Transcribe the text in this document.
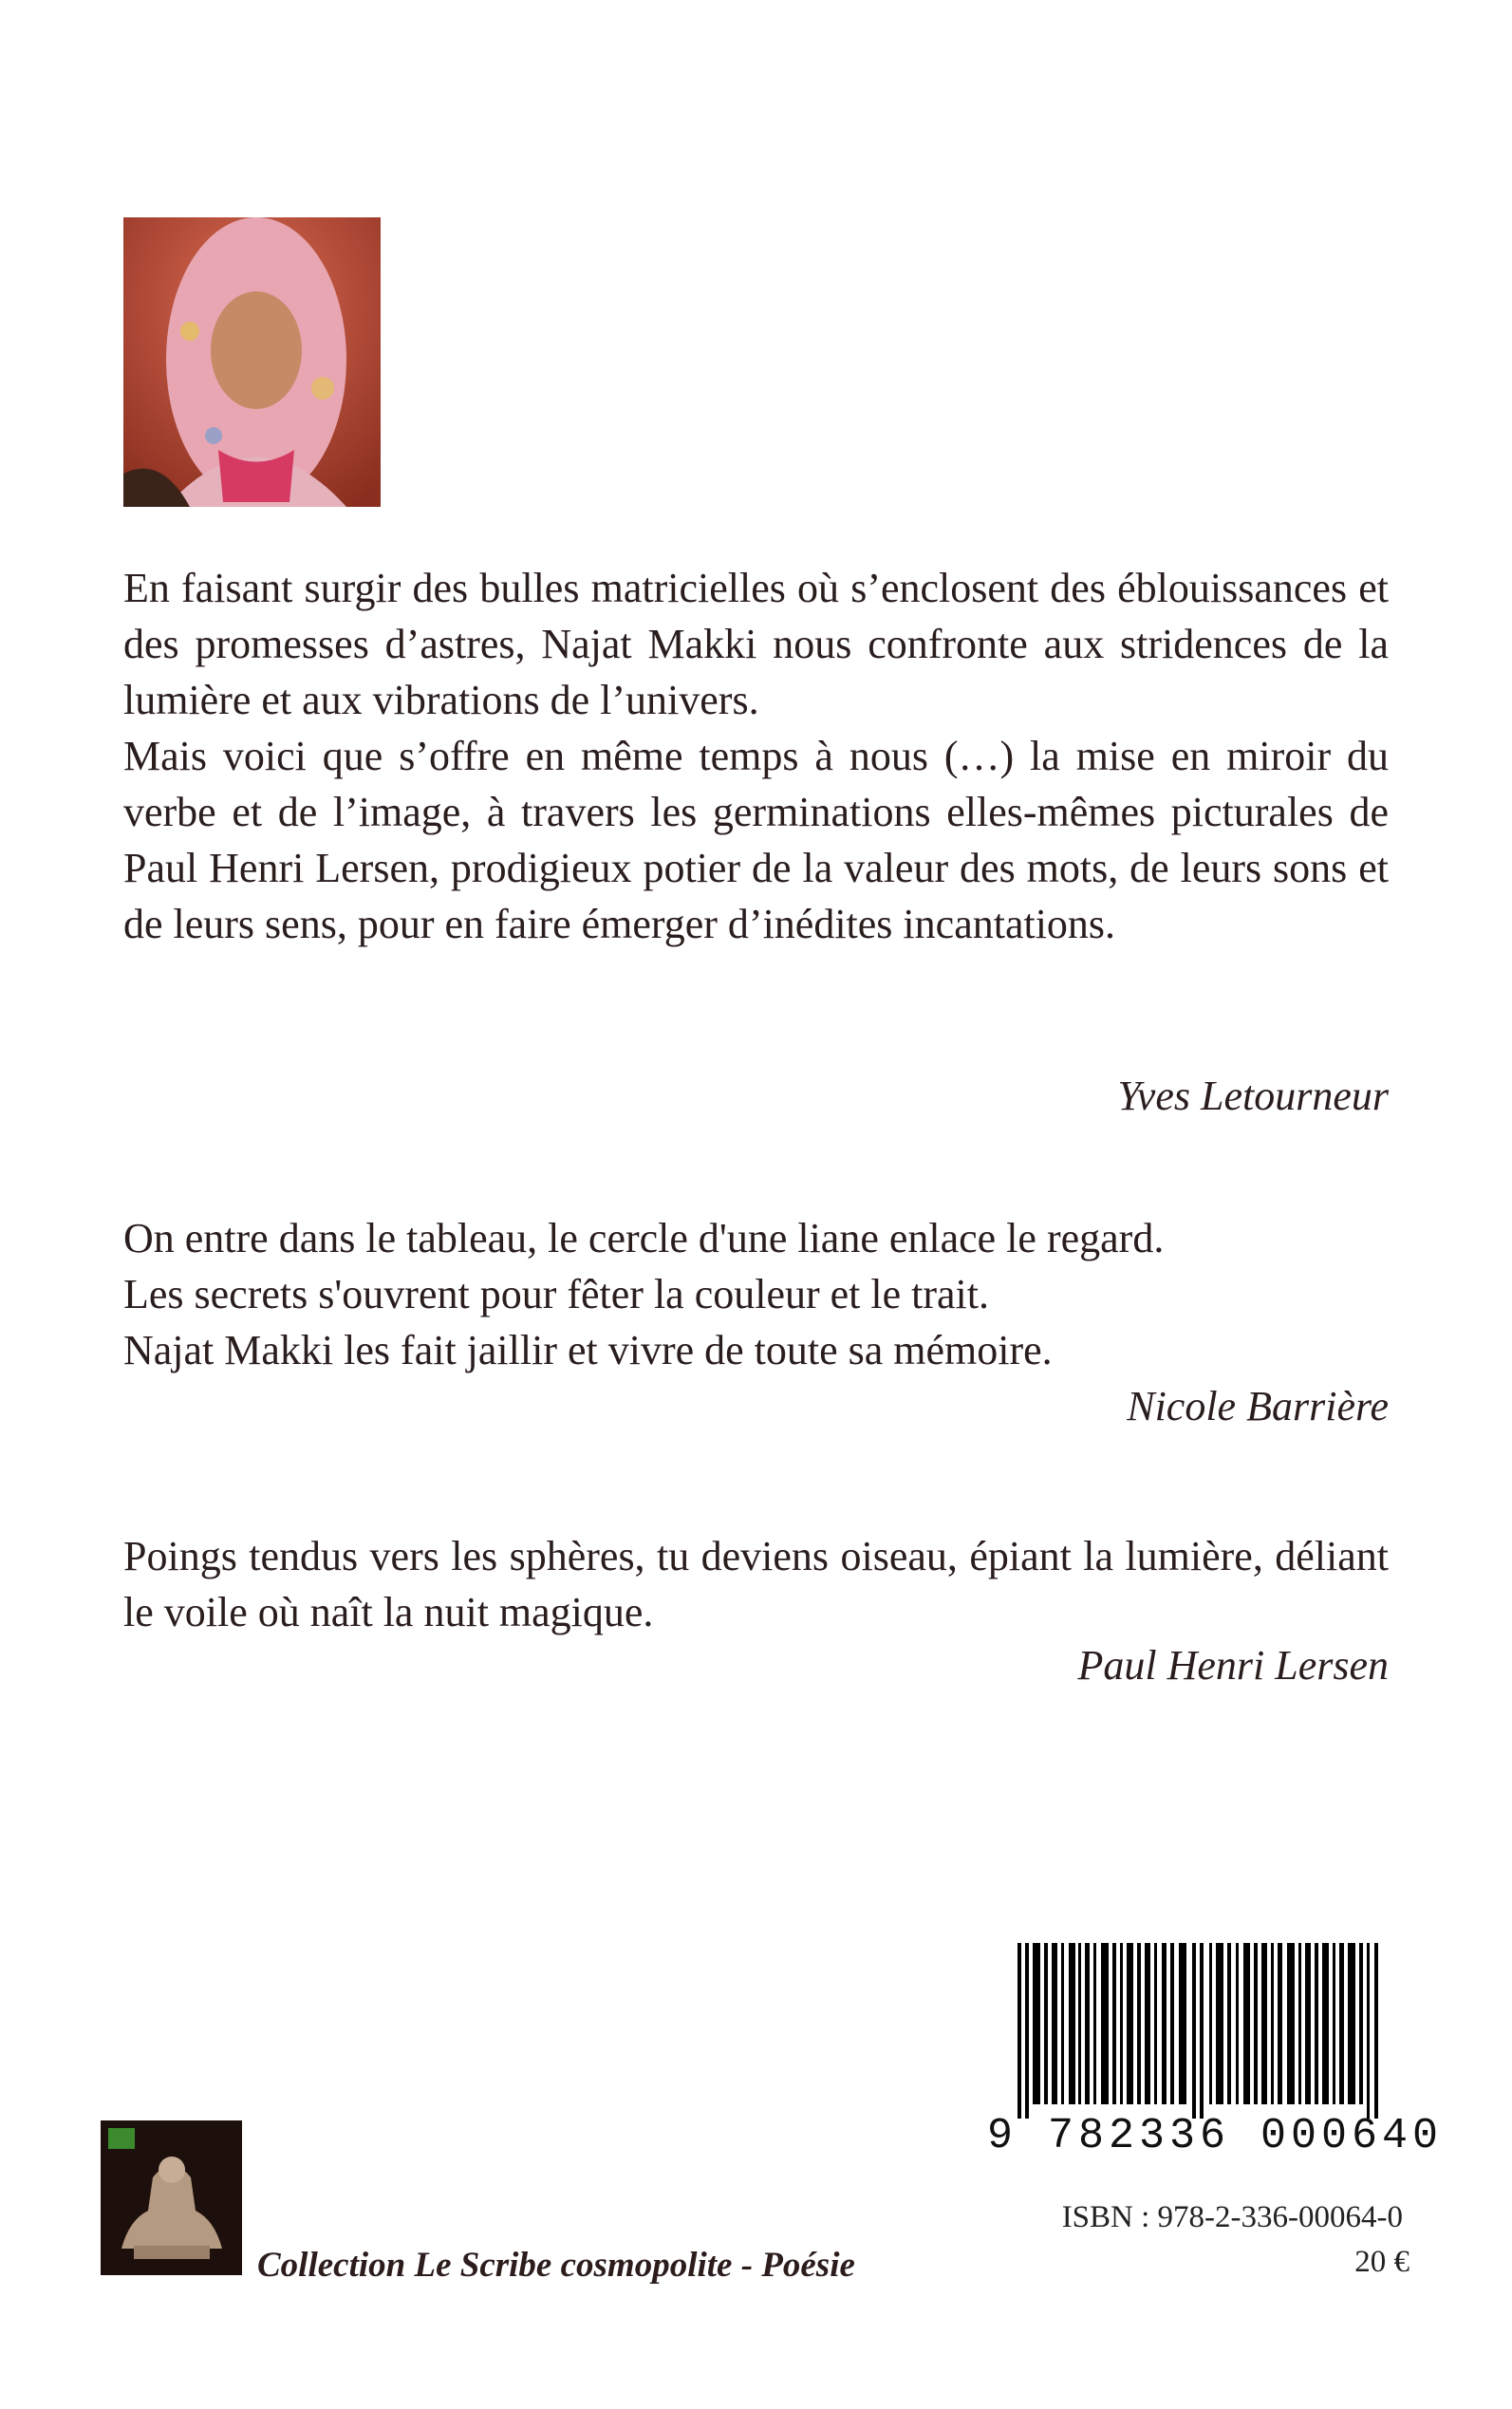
En faisant surgir des bulles matricielles où s’enclosent des éblouissances et des promesses d’astres, Najat Makki nous confronte aux stridences de la lumière et aux vibrations de l’univers.

Mais voici que s’offre en même temps à nous (…) la mise en miroir du verbe et de l’image, à travers les germinations elles-mêmes picturales de Paul Henri Lersen, prodigieux potier de la valeur des mots, de leurs sons et de leurs sens, pour en faire émerger d’inédites incantations.

Yves Letourneur

On entre dans le tableau, le cercle d'une liane enlace le regard.

Les secrets s'ouvrent pour fêter la couleur et le trait.

Najat Makki les fait jaillir et vivre de toute sa mémoire.

Nicole Barrière

Poings tendus vers les sphères, tu deviens oiseau, épiant la lumière, déliant le voile où naît la nuit magique.

Paul Henri Lersen
9 782336 000640
ISBN : 978-2-336-00064-0
20 €
Collection Le Scribe cosmopolite - Poésie
